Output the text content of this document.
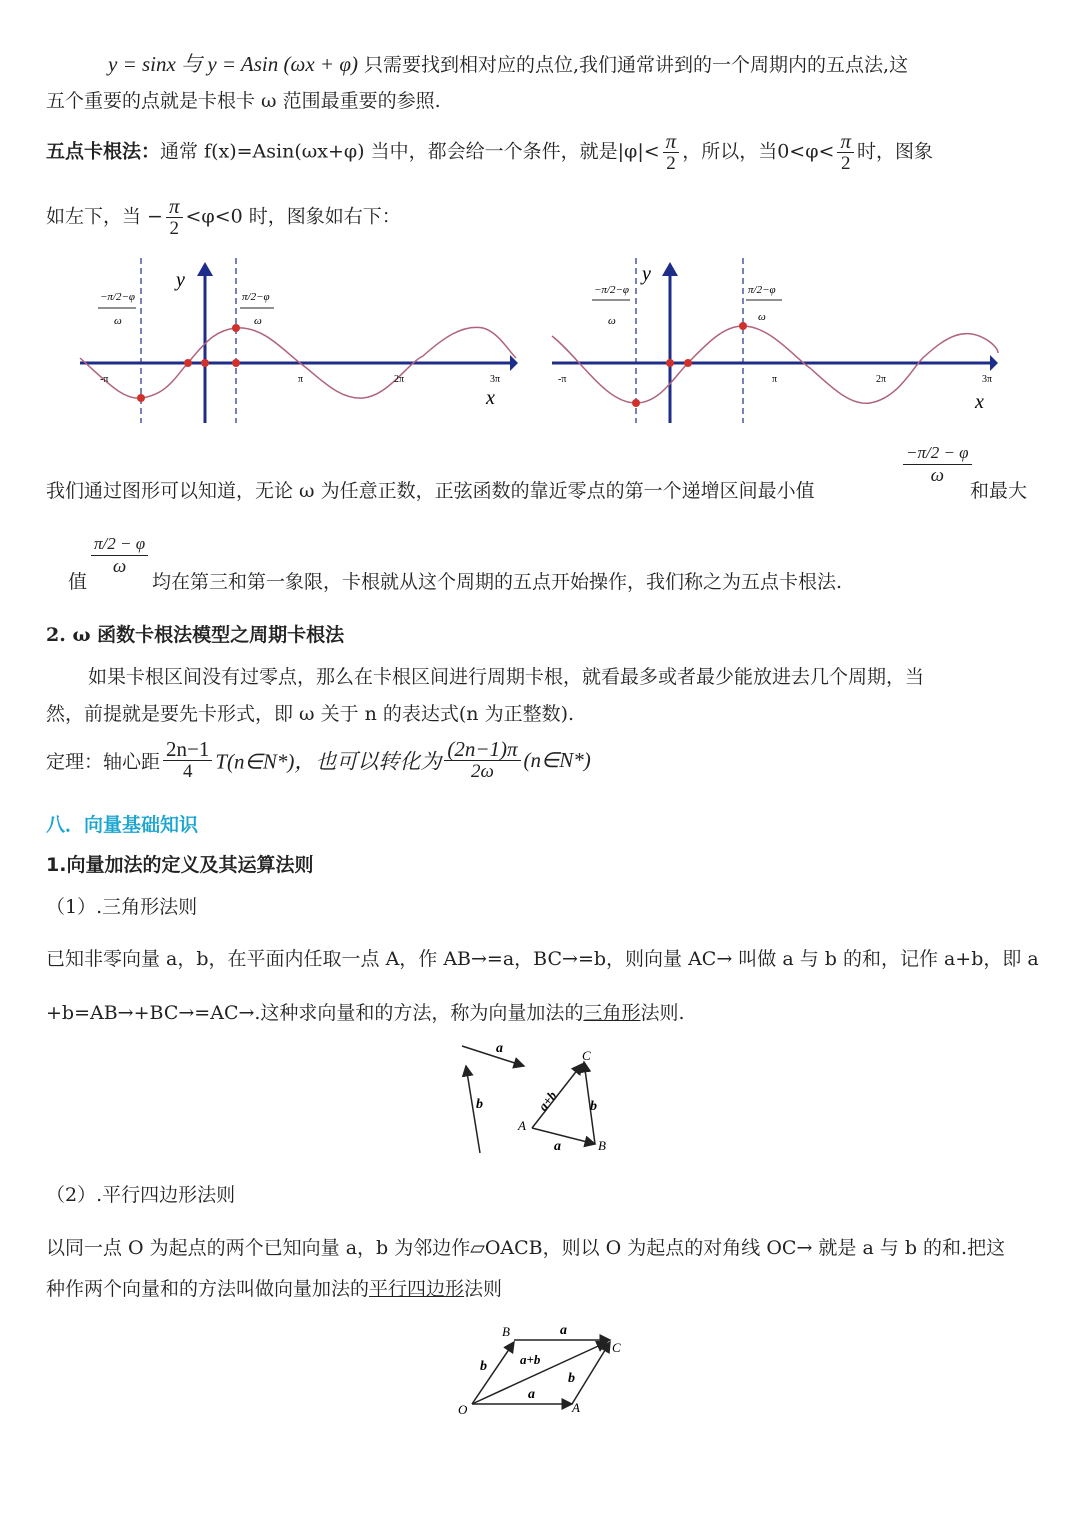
y = sinx 与 y = Asin (ωx + φ) 只需要找到相对应的点位,我们通常讲到的一个周期内的五点法,这
五个重要的点就是卡根卡 ω 范围最重要的参照.
五点卡根法：通常 f(x)=Asin(ωx+φ) 当中，都会给一个条件，就是$|\varphi|< \frac{\pi}{2}$ ，所以，当$0<\varphi< \frac{\pi}{2}$ 时，图象
如左下，当 − $\frac{\pi}{2} <\varphi<0$ 时，图象如右下：
y
x
-π	π	2π	3π
−π/2−φ
ω
π/2−φ
ω
y
x
-π	π	2π	3π
−π/2−φ
ω
π/2−φ
ω
我们通过图形可以知道，无论 ω 为任意正数，正弦函数的靠近零点的第一个递增区间最小值
$\frac{-\pi/2 - \varphi}{\omega}$
和最大
值
$\frac{\pi/2 - \varphi}{\omega}$
均在第三和第一象限，卡根就从这个周期的五点开始操作，我们称之为五点卡根法.
2. ω 函数卡根法模型之周期卡根法
如果卡根区间没有过零点，那么在卡根区间进行周期卡根，就看最多或者最少能放进去几个周期，当
然，前提就是要先卡形式，即 ω 关于 n 的表达式(n 为正整数).
定理：轴心距 $\frac{2n-1}{4}$ T(n∈N*)，也可以转化为 $\frac{(2n-1)\pi}{2\omega}$ (n∈N*)
八．向量基础知识
1.向量加法的定义及其运算法则
（1）.三角形法则
已知非零向量 a，b，在平面内任取一点 A，作 AB→=a，BC→=b，则向量 AC→ 叫做 a 与 b 的和，记作 a+b，即 a
+b=AB→+BC→=AC→.这种求向量和的方法，称为向量加法的三角形法则.
a
b	b
a
a+b
A
B
C
（2）.平行四边形法则
以同一点 O 为起点的两个已知向量 a，b 为邻边作▱OACB，则以 O 为起点的对角线 OC→ 就是 a 与 b 的和.把这
种作两个向量和的方法叫做向量加法的平行四边形法则
a
a
b
b
a+b
O	A
B
C
